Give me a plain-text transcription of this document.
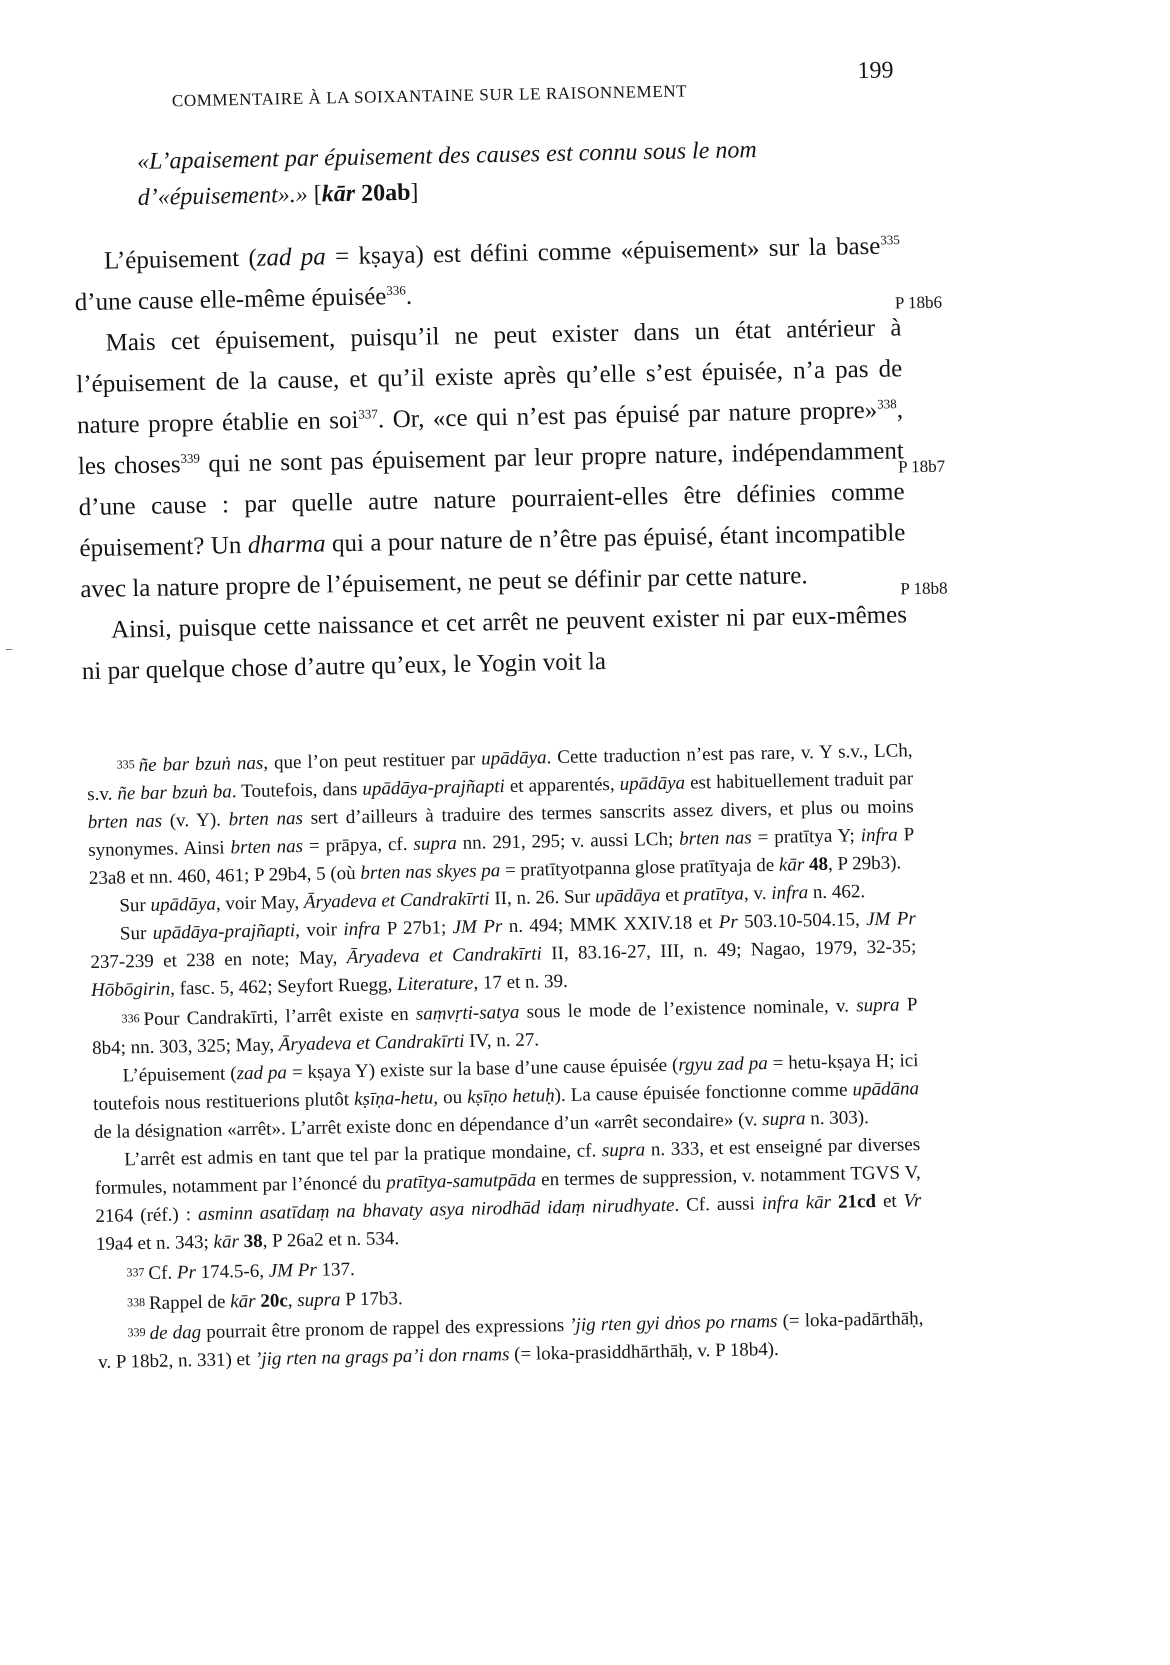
COMMENTAIRE À LA SOIXANTAINE SUR LE RAISONNEMENT
199
«L’apaisement par épuisement des causes est connu sous le nom d’«épuisement».» [kār 20ab]

L’épuisement (zad pa = kṣaya) est défini comme «épuisement» sur la base$^{335}$ d’une cause elle-même épuisée$^{336}$.

Mais cet épuisement, puisqu’il ne peut exister dans un état antérieur à l’épuisement de la cause, et qu’il existe après qu’elle s’est épuisée, n’a pas de nature propre établie en soi$^{337}$. Or, «ce qui n’est pas épuisé par nature propre»$^{338}$, les choses$^{339}$ qui ne sont pas épuisement par leur propre nature, indépendamment d’une cause : par quelle autre nature pourraient-elles être définies comme épuisement? Un dharma qui a pour nature de n’être pas épuisé, étant incompatible avec la nature propre de l’épuisement, ne peut se définir par cette nature.

Ainsi, puisque cette naissance et cet arrêt ne peuvent exister ni par eux-mêmes ni par quelque chose d’autre qu’eux, le Yogin voit la

P 18b6
P 18b7
P 18b8

335 ñe bar bzuṅ nas, que l’on peut restituer par upādāya. Cette traduction n’est pas rare, v. Y s.v., LCh, s.v. ñe bar bzuṅ ba. Toutefois, dans upādāya-prajñapti et apparentés, upādāya est habituellement traduit par brten nas (v. Y). brten nas sert d’ailleurs à traduire des termes sanscrits assez divers, et plus ou moins synonymes. Ainsi brten nas = prāpya, cf. supra nn. 291, 295; v. aussi LCh; brten nas = pratītya Y; infra P 23a8 et nn. 460, 461; P 29b4, 5 (où brten nas skyes pa = pratītyotpanna glose pratītyaja de kār 48, P 29b3).

Sur upādāya, voir May, Āryadeva et Candrakīrti II, n. 26. Sur upādāya et pratītya, v. infra n. 462.

Sur upādāya-prajñapti, voir infra P 27b1; JM Pr n. 494; MMK XXIV.18 et Pr 503.10-504.15, JM Pr 237-239 et 238 en note; May, Āryadeva et Candrakīrti II, 83.16-27, III, n. 49; Nagao, 1979, 32-35; Hōbōgirin, fasc. 5, 462; Seyfort Ruegg, Literature, 17 et n. 39.

336 Pour Candrakīrti, l’arrêt existe en saṃvṛti-satya sous le mode de l’existence nominale, v. supra P 8b4; nn. 303, 325; May, Āryadeva et Candrakīrti IV, n. 27.

L’épuisement (zad pa = kṣaya Y) existe sur la base d’une cause épuisée (rgyu zad pa = hetu-kṣaya H; ici toutefois nous restituerions plutôt kṣīṇa-hetu, ou kṣīṇo hetuḥ). La cause épuisée fonctionne comme upādāna de la désignation «arrêt». L’arrêt existe donc en dépendance d’un «arrêt secondaire» (v. supra n. 303).

L’arrêt est admis en tant que tel par la pratique mondaine, cf. supra n. 333, et est enseigné par diverses formules, notamment par l’énoncé du pratītya-samutpāda en termes de suppression, v. notamment TGVS V, 2164 (réf.) : asminn asatīdaṃ na bhavaty asya nirodhād idaṃ nirudhyate. Cf. aussi infra kār 21cd et Vr 19a4 et n. 343; kār 38, P 26a2 et n. 534.

337 Cf. Pr 174.5-6, JM Pr 137.

338 Rappel de kār 20c, supra P 17b3.

339 de dag pourrait être pronom de rappel des expressions ’jig rten gyi dṅos po rnams (= loka-padārthāḥ, v. P 18b2, n. 331) et ’jig rten na grags pa’i don rnams (= loka-prasiddhārthāḥ, v. P 18b4).
